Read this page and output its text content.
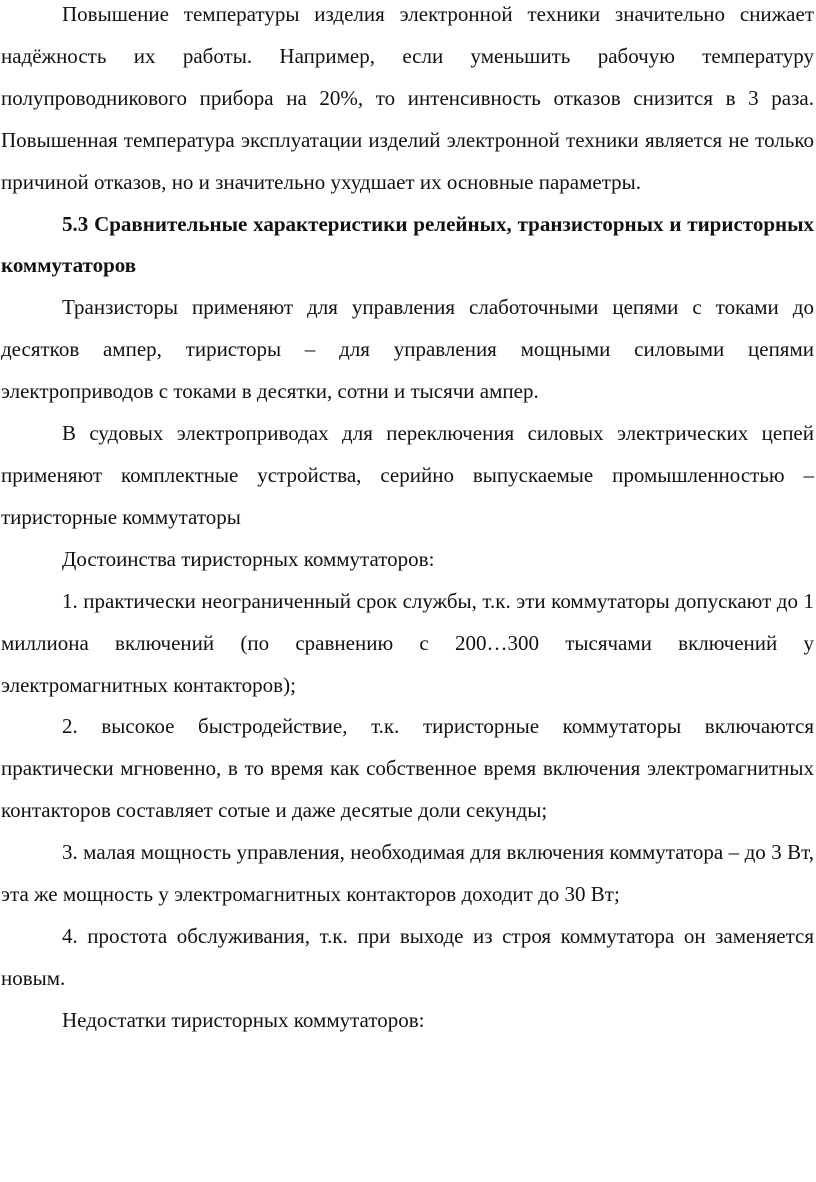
Повышение температуры изделия электронной техники значительно снижает надёжность их работы. Например, если уменьшить рабочую температуру полупроводникового прибора на 20%, то интенсивность отказов снизится в 3 раза. Повышенная температура эксплуатации изделий электронной техники является не только причиной отказов, но и значительно ухудшает их основные параметры.

5.3 Сравнительные характеристики релейных, транзисторных и тиристорных коммутаторов

Транзисторы применяют для управления слаботочными цепями с токами до десятков ампер, тиристоры – для управления мощными силовыми цепями электроприводов с токами в десятки, сотни и тысячи ампер.

В судовых электроприводах для переключения силовых электрических цепей применяют комплектные устройства, серийно выпускаемые промышленностью – тиристорные коммутаторы

Достоинства тиристорных коммутаторов:

1. практически неограниченный срок службы, т.к. эти коммутаторы допускают до 1 миллиона включений (по сравнению с 200…300 тысячами включений у электромагнитных контакторов);

2. высокое быстродействие, т.к. тиристорные коммутаторы включаются практически мгновенно, в то время как собственное время включения электромагнитных контакторов составляет сотые и даже десятые доли секунды;

3. малая мощность управления, необходимая для включения коммутатора – до 3 Вт, эта же мощность у электромагнитных контакторов доходит до 30 Вт;

4. простота обслуживания, т.к. при выходе из строя коммутатора он заменяется новым.

Недостатки тиристорных коммутаторов:
